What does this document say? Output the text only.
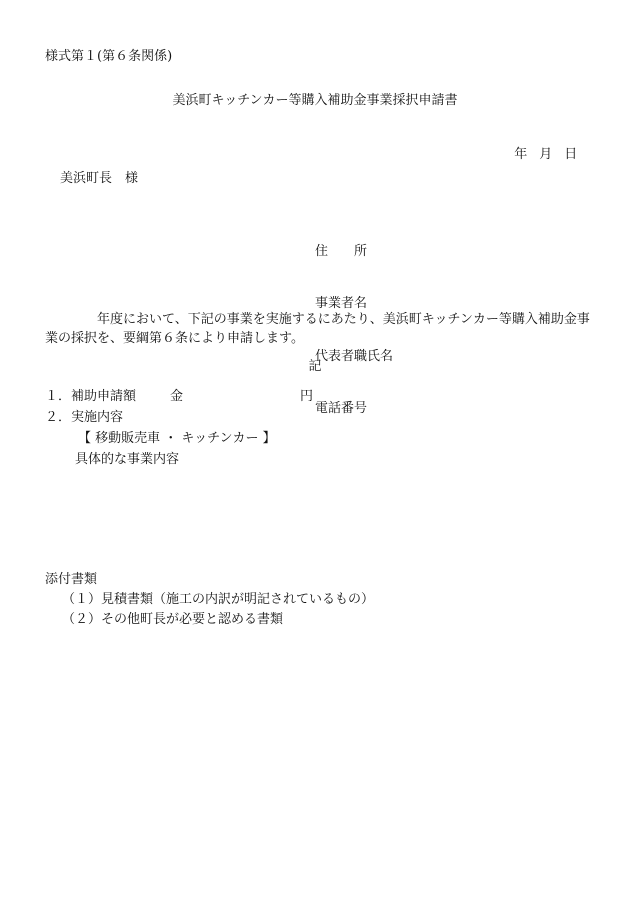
様式第１(第６条関係)
美浜町キッチンカー等購入補助金事業採択申請書

年 月 日

美浜町長　様

住　　所

事業者名

代表者職氏名

電話番号

年度において、下記の事業を実施するにあたり、美浜町キッチンカー等購入補助金事業の採択を、要綱第６条により申請します。
記
１．補助申請額	金	円
２．実施内容
【 移動販売車 ・ キッチンカー 】
具体的な事業内容
添付書類
（１）見積書類（施工の内訳が明記されているもの）
（２）その他町長が必要と認める書類
